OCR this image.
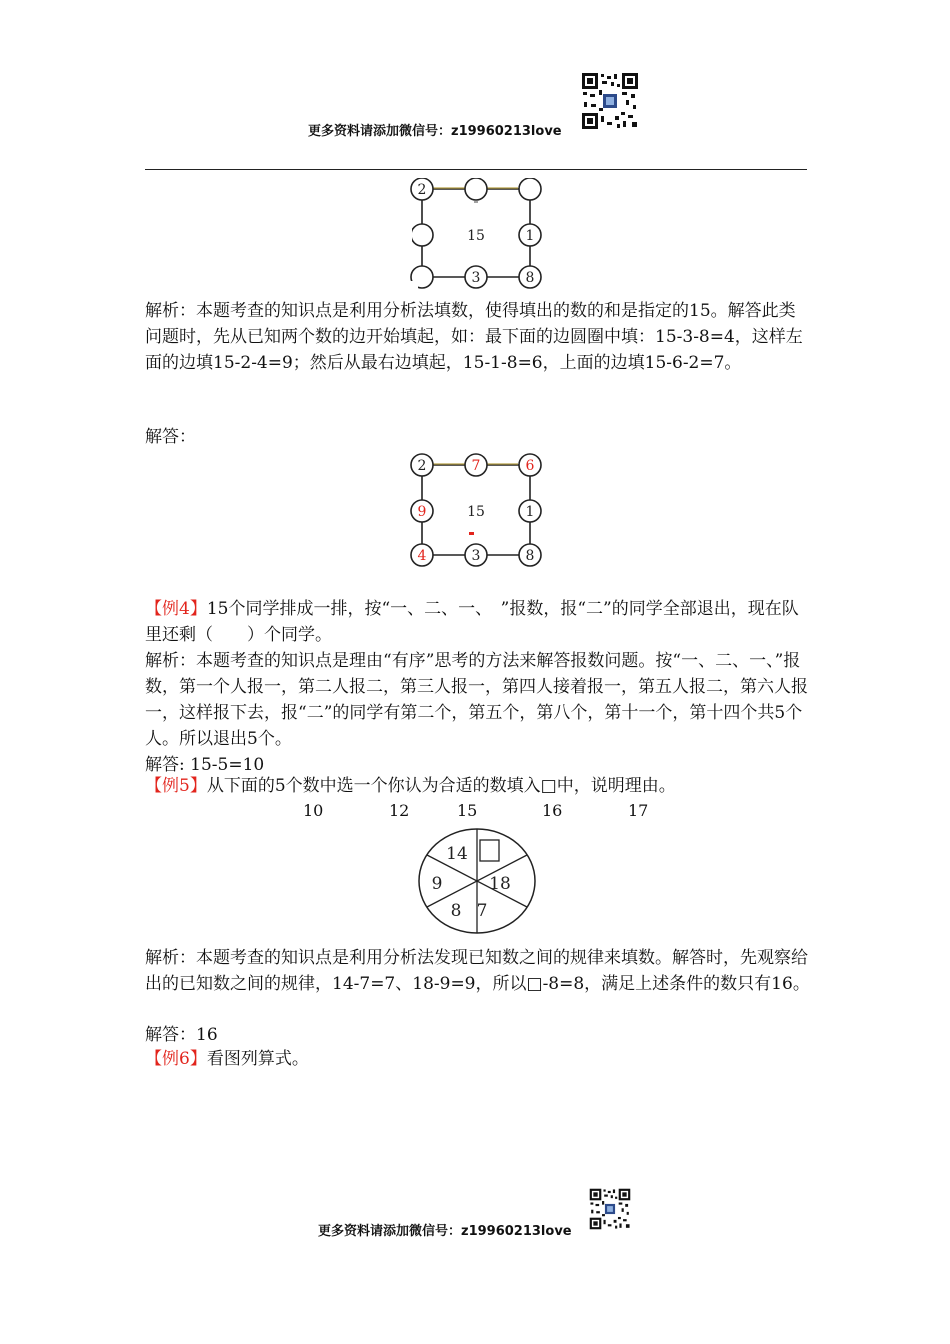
更多资料请添加微信号：z19960213love
2
15	1
3	8

解析：本题考查的知识点是利用分析法填数，使得填出的数的和是指定的15。解答此类问题时，先从已知两个数的边开始填起，如：最下面的边圆圈中填：15-3-8=4，这样左面的边填15-2-4=9；然后从最右边填起，15-1-8=6，上面的边填15-6-2=7。

解答：
2	7	6
9	15	1
4	3	8

【例4】15个同学排成一排，按“一、二、一、　”报数，报“二”的同学全部退出，现在队里还剩（　　）个同学。

解析：本题考查的知识点是理由“有序”思考的方法来解答报数问题。按“一、二、一、”报数，第一个人报一，第二人报二，第三人报一，第四人接着报一，第五人报二，第六人报一，这样报下去，报“二”的同学有第二个，第五个，第八个，第十一个，第十四个共5个人。所以退出5个。

解答: 15-5=10
【例5】从下面的5个数中选一个你认为合适的数填入□中，说明理由。
10	12	15	16	17
14
9	18
8 7

解析：本题考查的知识点是利用分析法发现已知数之间的规律来填数。解答时，先观察给出的已知数之间的规律，14-7=7、18-9=9，所以□-8=8，满足上述条件的数只有16。

解答：16
【例6】看图列算式。
更多资料请添加微信号：z19960213love
